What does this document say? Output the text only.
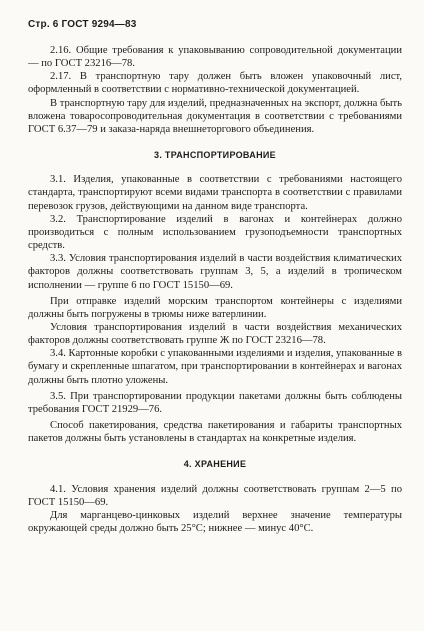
Стр. 6 ГОСТ 9294—83

2.16. Общие требования к упаковыванию сопроводительной документации — по ГОСТ 23216—78.

2.17. В транспортную тару должен быть вложен упаковочный лист, оформленный в соответствии с нормативно-технической документацией.

В транспортную тару для изделий, предназначенных на экспорт, должна быть вложена товаросопроводительная документация в соответствии с требованиями ГОСТ 6.37—79 и заказа-наряда внешнеторгового объединения.

3. ТРАНСПОРТИРОВАНИЕ

3.1. Изделия, упакованные в соответствии с требованиями настоящего стандарта, транспортируют всеми видами транспорта в соответствии с правилами перевозок грузов, действующими на данном виде транспорта.

3.2. Транспортирование изделий в вагонах и контейнерах должно производиться с полным использованием грузоподъемности транспортных средств.

3.3. Условия транспортирования изделий в части воздействия климатических факторов должны соответствовать группам 3, 5, а изделий в тропическом исполнении — группе 6 по ГОСТ 15150—69.

При отправке изделий морским транспортом контейнеры с изделиями должны быть погружены в трюмы ниже ватерлинии.

Условия транспортирования изделий в части воздействия механических факторов должны соответствовать группе Ж по ГОСТ 23216—78.

3.4. Картонные коробки с упакованными изделиями и изделия, упакованные в бумагу и скрепленные шпагатом, при транспортировании в контейнерах и вагонах должны быть плотно уложены.

3.5. При транспортировании продукции пакетами должны быть соблюдены требования ГОСТ 21929—76.

Способ пакетирования, средства пакетирования и габариты транспортных пакетов должны быть установлены в стандартах на конкретные изделия.

4. ХРАНЕНИЕ

4.1. Условия хранения изделий должны соответствовать группам 2—5 по ГОСТ 15150—69.

Для марганцево-цинковых изделий верхнее значение температуры окружающей среды должно быть 25°С; нижнее — минус 40°С.
